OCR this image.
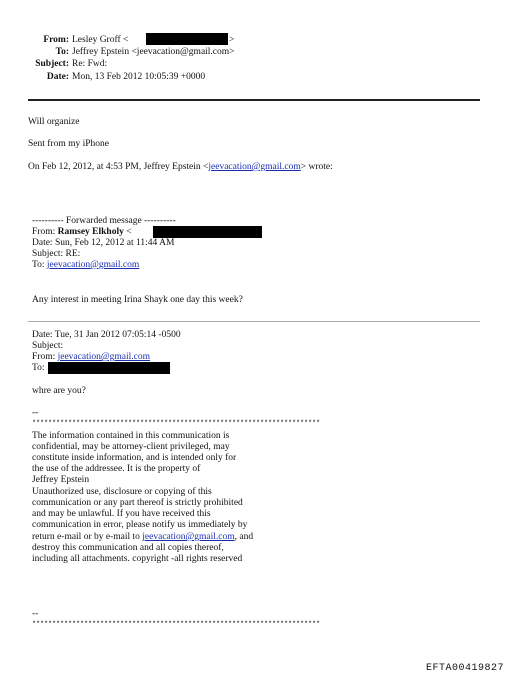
From: Lesley Groff <	>
To: Jeffrey Epstein <jeevacation@gmail.com>
Subject: Re: Fwd:
Date: Mon, 13 Feb 2012 10:05:39 +0000
Will organize
Sent from my iPhone
On Feb 12, 2012, at 4:53 PM, Jeffrey Epstein <jeevacation@gmail.com> wrote:
---------- Forwarded message ----------
From: Ramsey Elkholy <
Date: Sun, Feb 12, 2012 at 11:44 AM
Subject: RE:
To: jeevacation@gmail.com
Any interest in meeting Irina Shayk one day this week?
Date: Tue, 31 Jan 2012 07:05:14 -0500
Subject:
From: jeevacation@gmail.com
To:
whre are you?
--
************************************************************************
The information contained in this communication is
confidential, may be attorney-client privileged, may
constitute inside information, and is intended only for
the use of the addressee. It is the property of
Jeffrey Epstein
Unauthorized use, disclosure or copying of this
communication or any part thereof is strictly prohibited
and may be unlawful. If you have received this
communication in error, please notify us immediately by
return e-mail or by e-mail to jeevacation@gmail.com, and
destroy this communication and all copies thereof,
including all attachments. copyright -all rights reserved
--
************************************************************************
EFTA00419827
